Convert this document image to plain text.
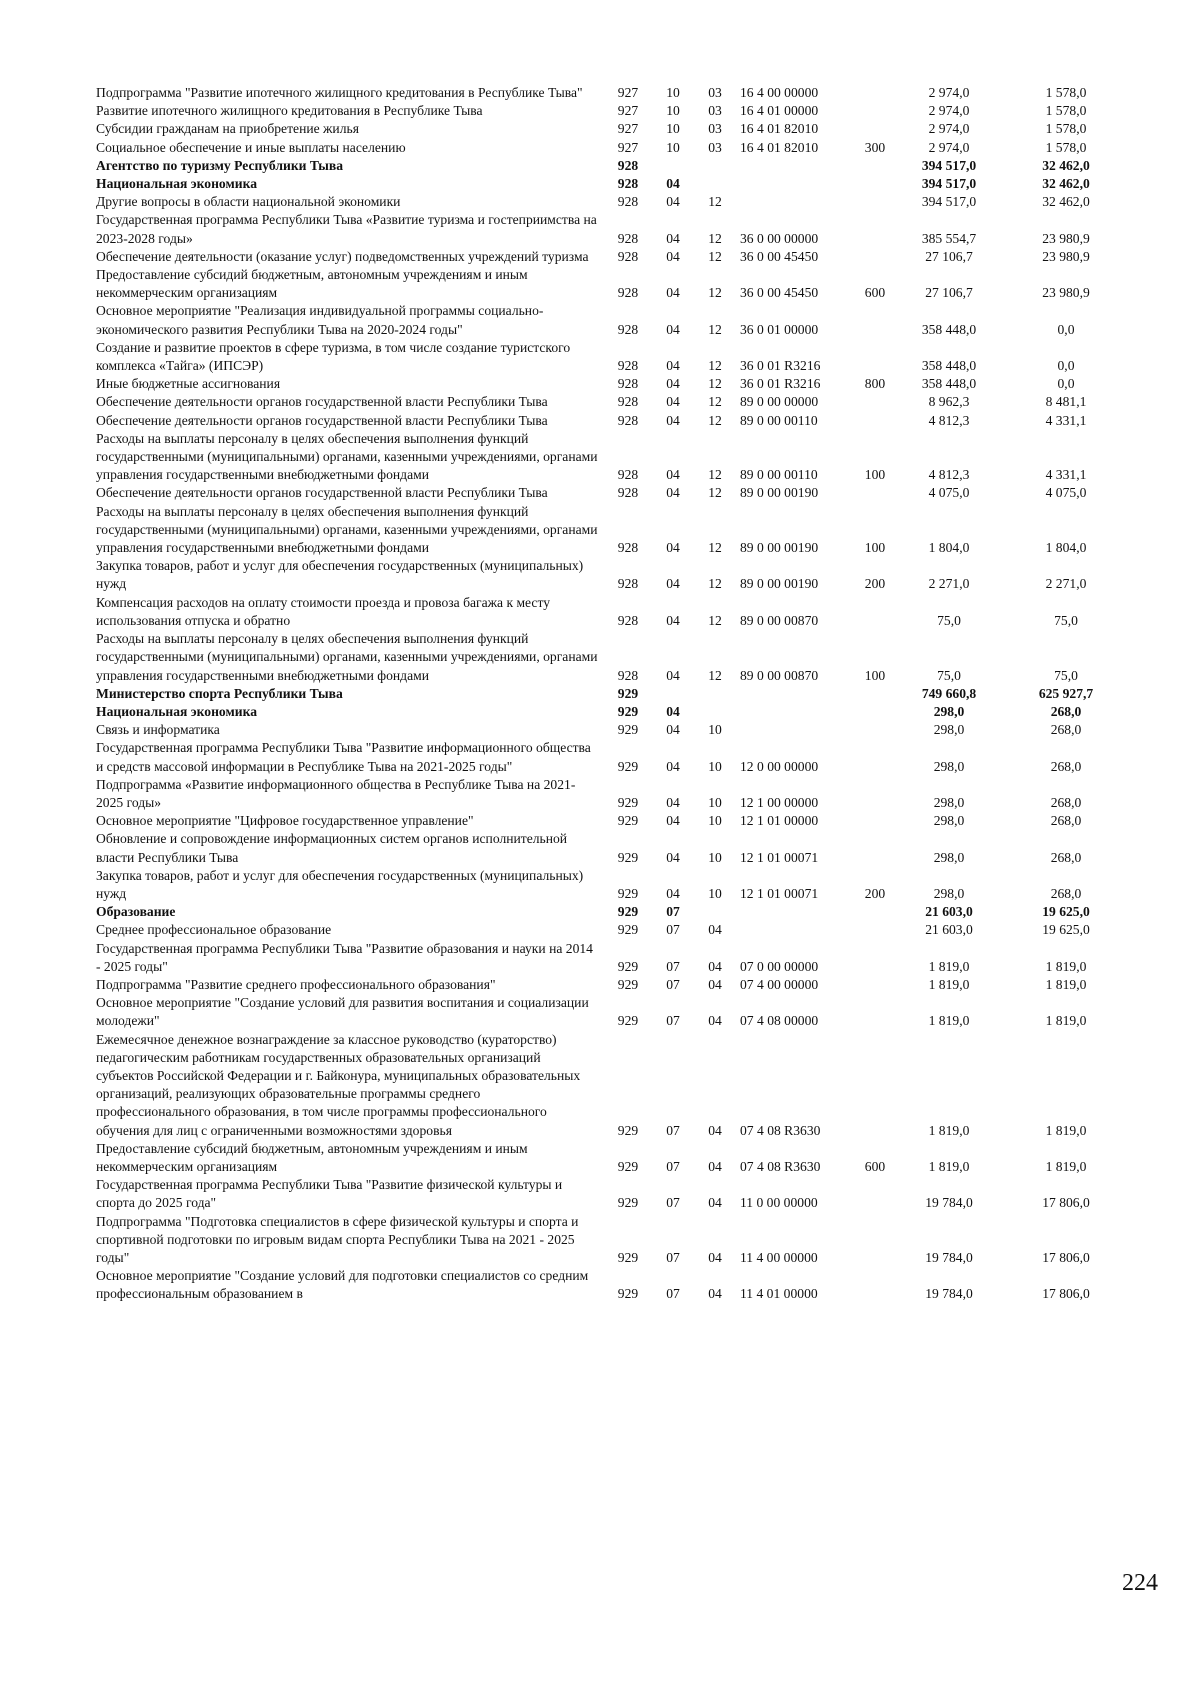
Подпрограмма "Развитие ипотечного жилищного кредитования в Республике Тыва"	927	10	03	16 4 00 00000		2 974,0	1 578,0
Развитие ипотечного жилищного кредитования в Республике Тыва	927	10	03	16 4 01 00000		2 974,0	1 578,0
Субсидии гражданам на приобретение жилья	927	10	03	16 4 01 82010		2 974,0	1 578,0
Социальное обеспечение и иные выплаты населению	927	10	03	16 4 01 82010	300	2 974,0	1 578,0
Агентство по туризму Республики Тыва	928					394 517,0	32 462,0
Национальная экономика	928	04				394 517,0	32 462,0
Другие вопросы в области национальной экономики	928	04	12			394 517,0	32 462,0
Государственная программа Республики Тыва «Развитие туризма и гостеприимства на 2023-2028 годы»	928	04	12	36 0 00 00000		385 554,7	23 980,9
Обеспечение деятельности (оказание услуг) подведомственных учреждений туризма	928	04	12	36 0 00 45450		27 106,7	23 980,9
Предоставление субсидий бюджетным, автономным учреждениям и иным некоммерческим организациям	928	04	12	36 0 00 45450	600	27 106,7	23 980,9
Основное мероприятие "Реализация индивидуальной программы социально-экономического развития Республики Тыва на 2020-2024 годы"	928	04	12	36 0 01 00000		358 448,0	0,0
Создание и развитие проектов в сфере туризма, в том числе создание туристского комплекса «Тайга» (ИПСЭР)	928	04	12	36 0 01 R3216		358 448,0	0,0
Иные бюджетные ассигнования	928	04	12	36 0 01 R3216	800	358 448,0	0,0
Обеспечение деятельности органов государственной власти Республики Тыва	928	04	12	89 0 00 00000		8 962,3	8 481,1
Обеспечение деятельности органов государственной власти Республики Тыва	928	04	12	89 0 00 00110		4 812,3	4 331,1
Расходы на выплаты персоналу в целях обеспечения выполнения функций государственными (муниципальными) органами, казенными учреждениями, органами управления государственными внебюджетными фондами	928	04	12	89 0 00 00110	100	4 812,3	4 331,1
Обеспечение деятельности органов государственной власти Республики Тыва	928	04	12	89 0 00 00190		4 075,0	4 075,0
Расходы на выплаты персоналу в целях обеспечения выполнения функций государственными (муниципальными) органами, казенными учреждениями, органами управления государственными внебюджетными фондами	928	04	12	89 0 00 00190	100	1 804,0	1 804,0
Закупка товаров, работ и услуг для обеспечения государственных (муниципальных) нужд	928	04	12	89 0 00 00190	200	2 271,0	2 271,0
Компенсация расходов на оплату стоимости проезда и провоза багажа к месту использования отпуска и обратно	928	04	12	89 0 00 00870		75,0	75,0
Расходы на выплаты персоналу в целях обеспечения выполнения функций государственными (муниципальными) органами, казенными учреждениями, органами управления государственными внебюджетными фондами	928	04	12	89 0 00 00870	100	75,0	75,0
Министерство спорта Республики Тыва	929					749 660,8	625 927,7
Национальная экономика	929	04				298,0	268,0
Связь и информатика	929	04	10			298,0	268,0
Государственная программа Республики Тыва "Развитие информационного общества и средств массовой информации в Республике Тыва на 2021-2025 годы"	929	04	10	12 0 00 00000		298,0	268,0
Подпрограмма «Развитие информационного общества в Республике Тыва на 2021-2025 годы»	929	04	10	12 1 00 00000		298,0	268,0
Основное мероприятие "Цифровое государственное управление"	929	04	10	12 1 01 00000		298,0	268,0
Обновление и сопровождение информационных систем органов исполнительной власти Республики Тыва	929	04	10	12 1 01 00071		298,0	268,0
Закупка товаров, работ и услуг для обеспечения государственных (муниципальных) нужд	929	04	10	12 1 01 00071	200	298,0	268,0
Образование	929	07				21 603,0	19 625,0
Среднее профессиональное образование	929	07	04			21 603,0	19 625,0
Государственная программа Республики Тыва "Развитие образования и науки на 2014 - 2025 годы"	929	07	04	07 0 00 00000		1 819,0	1 819,0
Подпрограмма "Развитие среднего профессионального образования"	929	07	04	07 4 00 00000		1 819,0	1 819,0
Основное мероприятие "Создание условий для развития воспитания и социализации молодежи"	929	07	04	07 4 08 00000		1 819,0	1 819,0
Ежемесячное денежное вознаграждение за классное руководство (кураторство) педагогическим работникам государственных образовательных организаций субъектов Российской Федерации и г. Байконура, муниципальных образовательных организаций, реализующих образовательные программы среднего профессионального образования, в том числе программы профессионального обучения для лиц с ограниченными возможностями здоровья	929	07	04	07 4 08 R3630		1 819,0	1 819,0
Предоставление субсидий бюджетным, автономным учреждениям и иным некоммерческим организациям	929	07	04	07 4 08 R3630	600	1 819,0	1 819,0
Государственная программа Республики Тыва "Развитие физической культуры и спорта до 2025 года"	929	07	04	11 0 00 00000		19 784,0	17 806,0
Подпрограмма "Подготовка специалистов в сфере физической культуры и спорта и спортивной подготовки по игровым видам спорта Республики Тыва на 2021 - 2025 годы"	929	07	04	11 4 00 00000		19 784,0	17 806,0
Основное мероприятие "Создание условий для подготовки специалистов со средним профессиональным образованием в	929	07	04	11 4 01 00000		19 784,0	17 806,0
224
